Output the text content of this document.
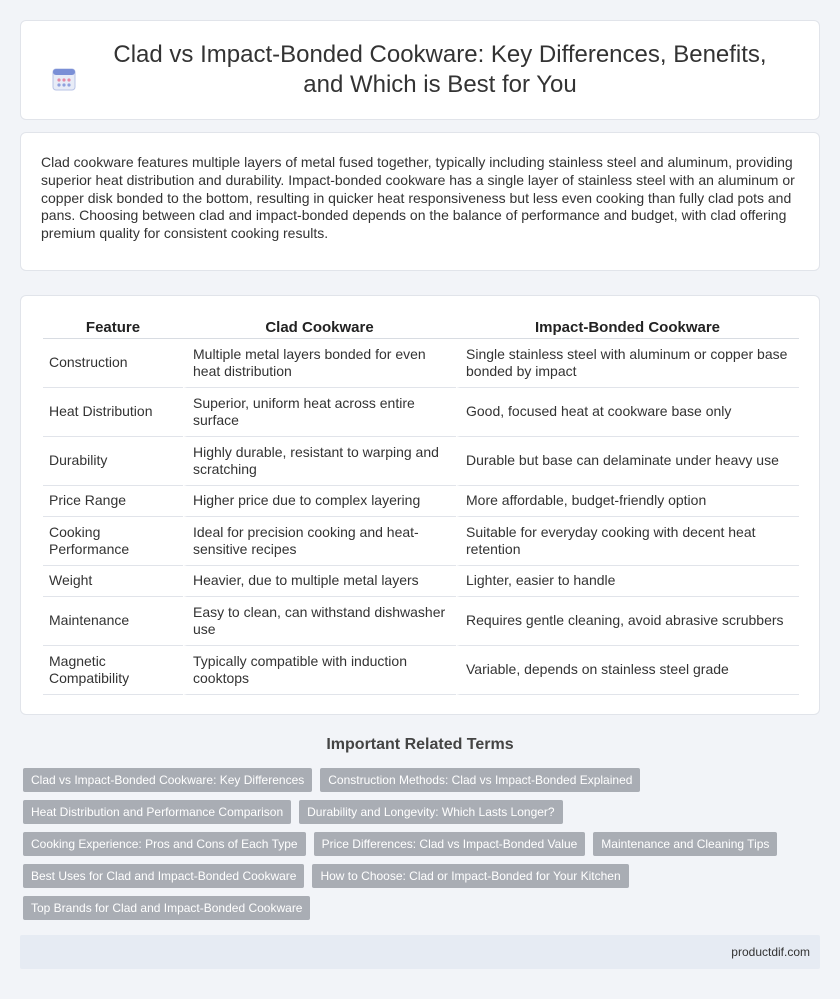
Clad vs Impact-Bonded Cookware: Key Differences, Benefits, and Which is Best for You

Clad cookware features multiple layers of metal fused together, typically including stainless steel and aluminum, providing superior heat distribution and durability. Impact-bonded cookware has a single layer of stainless steel with an aluminum or copper disk bonded to the bottom, resulting in quicker heat responsiveness but less even cooking than fully clad pots and pans. Choosing between clad and impact-bonded depends on the balance of performance and budget, with clad offering premium quality for consistent cooking results.

Feature	Clad Cookware	Impact-Bonded Cookware
Construction	Multiple metal layers bonded for even heat distribution	Single stainless steel with aluminum or copper base bonded by impact
Heat Distribution	Superior, uniform heat across entire surface	Good, focused heat at cookware base only
Durability	Highly durable, resistant to warping and scratching	Durable but base can delaminate under heavy use
Price Range	Higher price due to complex layering	More affordable, budget-friendly option
Cooking Performance	Ideal for precision cooking and heat-sensitive recipes	Suitable for everyday cooking with decent heat retention
Weight	Heavier, due to multiple metal layers	Lighter, easier to handle
Maintenance	Easy to clean, can withstand dishwasher use	Requires gentle cleaning, avoid abrasive scrubbers
Magnetic Compatibility	Typically compatible with induction cooktops	Variable, depends on stainless steel grade
Important Related Terms
Clad vs Impact-Bonded Cookware: Key Differences	Construction Methods: Clad vs Impact-Bonded Explained
Heat Distribution and Performance Comparison	Durability and Longevity: Which Lasts Longer?
Cooking Experience: Pros and Cons of Each Type	Price Differences: Clad vs Impact-Bonded Value	Maintenance and Cleaning Tips
Best Uses for Clad and Impact-Bonded Cookware	How to Choose: Clad or Impact-Bonded for Your Kitchen
Top Brands for Clad and Impact-Bonded Cookware
productdif.com
